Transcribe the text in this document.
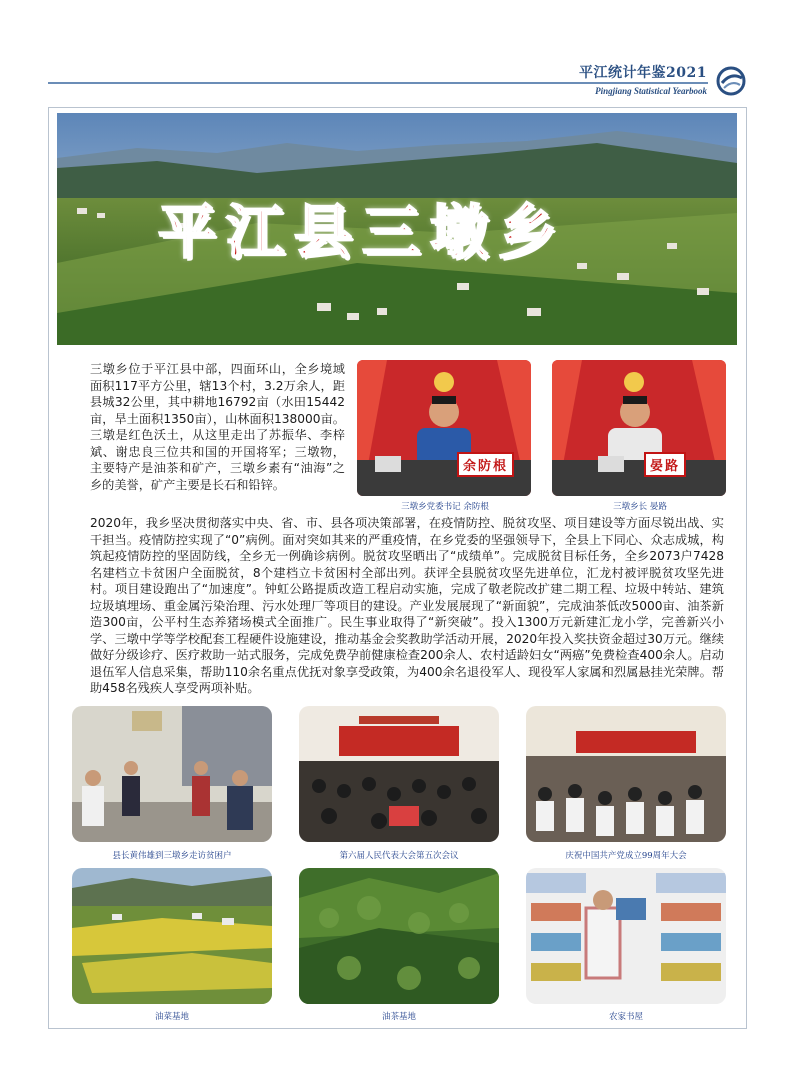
平江统计年鉴2021
Pingjiang Statistical Yearbook
平江县三墩乡
三墩乡位于平江县中部，四面环山，全乡境域面积117平方公里，辖13个村，3.2万余人，距县城32公里，其中耕地16792亩（水田15442亩，旱土面积1350亩），山林面积138000亩。三墩是红色沃土，从这里走出了苏振华、李梓斌、谢忠良三位共和国的开国将军；三墩物，主要特产是油茶和矿产，三墩乡素有“油海”之乡的美誉，矿产主要是长石和铅锌。
余防根
三墩乡党委书记 余防根
晏路
三墩乡长 晏路
2020年，我乡坚决贯彻落实中央、省、市、县各项决策部署，在疫情防控、脱贫攻坚、项目建设等方面尽锐出战、实干担当。疫情防控实现了“0”病例。面对突如其来的严重疫情，在乡党委的坚强领导下，全县上下同心、众志成城，构筑起疫情防控的坚固防线，全乡无一例确诊病例。脱贫攻坚晒出了“成绩单”。完成脱贫目标任务，全乡2073户7428名建档立卡贫困户全面脱贫，8个建档立卡贫困村全部出列。获评全县脱贫攻坚先进单位，汇龙村被评脱贫攻坚先进村。项目建设跑出了“加速度”。钟虹公路提质改造工程启动实施，完成了敬老院改扩建二期工程、垃圾中转站、建筑垃圾填埋场、重金属污染治理、污水处理厂等项目的建设。产业发展展现了“新面貌”，完成油茶低改5000亩、油茶新造300亩，公平村生态养猪场模式全面推广。民生事业取得了“新突破”。投入1300万元新建汇龙小学，完善新兴小学、三墩中学等学校配套工程硬件设施建设，推动基金会奖教助学活动开展，2020年投入奖扶资金超过30万元。继续做好分级诊疗、医疗救助一站式服务，完成免费孕前健康检查200余人、农村适龄妇女“两癌”免费检查400余人。启动退伍军人信息采集，帮助110余名重点优抚对象享受政策，为400余名退役军人、现役军人家属和烈属悬挂光荣牌。帮助458名残疾人享受两项补贴。
县长黄伟雄到三墩乡走访贫困户	第六届人民代表大会第五次会议	庆祝中国共产党成立99周年大会
油菜基地	油茶基地	农家书屋
